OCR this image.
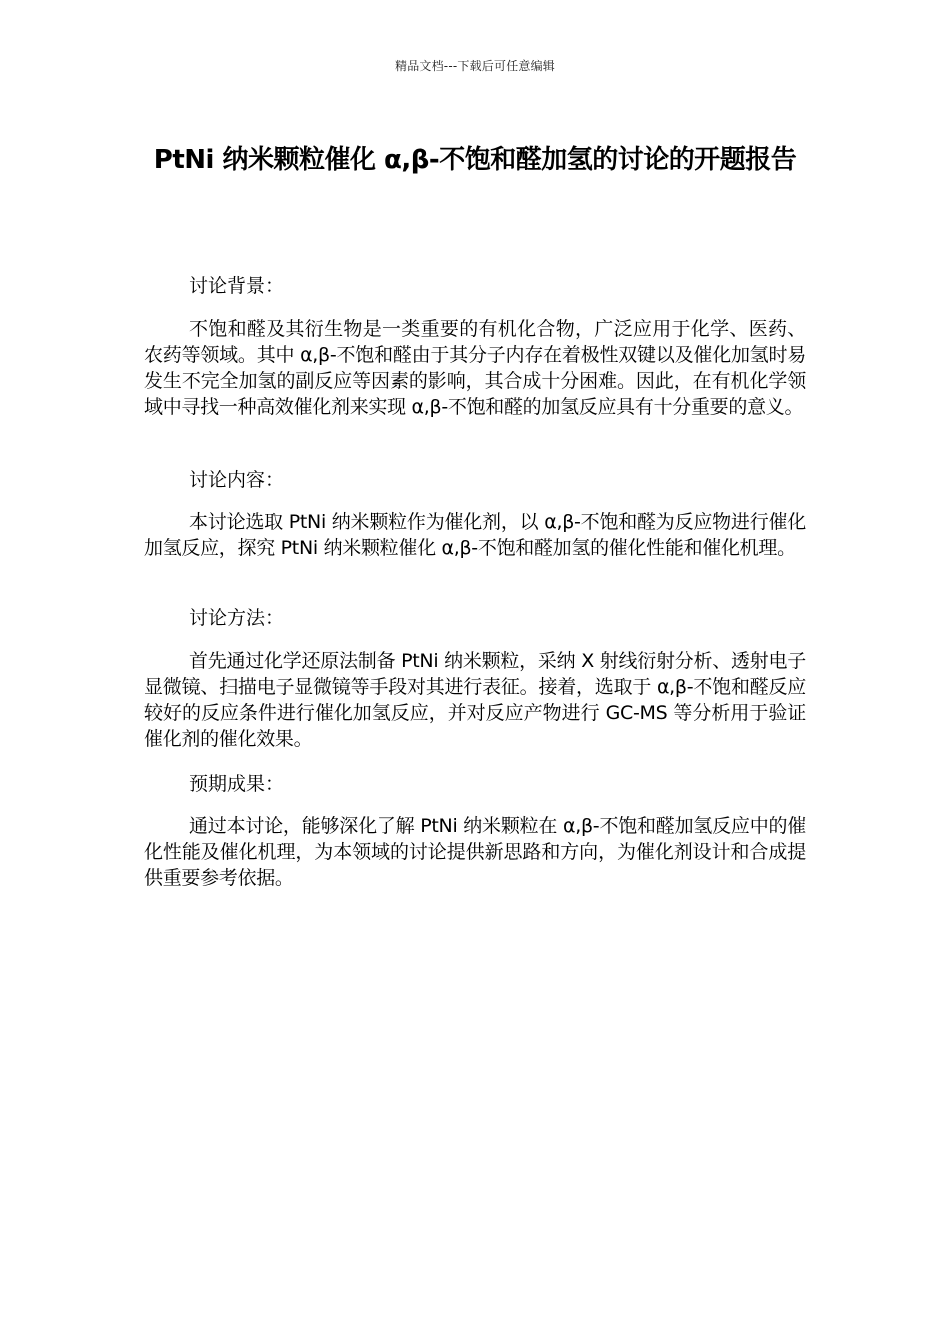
精品文档---下载后可任意编辑
PtNi 纳米颗粒催化 α,β-不饱和醛加氢的讨论的开题报告
讨论背景：

不饱和醛及其衍生物是一类重要的有机化合物，广泛应用于化学、医药、农药等领域。其中 α,β-不饱和醛由于其分子内存在着极性双键以及催化加氢时易发生不完全加氢的副反应等因素的影响，其合成十分困难。因此，在有机化学领域中寻找一种高效催化剂来实现 α,β-不饱和醛的加氢反应具有十分重要的意义。

讨论内容：

本讨论选取 PtNi 纳米颗粒作为催化剂，以 α,β-不饱和醛为反应物进行催化加氢反应，探究 PtNi 纳米颗粒催化 α,β-不饱和醛加氢的催化性能和催化机理。

讨论方法：

首先通过化学还原法制备 PtNi 纳米颗粒，采纳 X 射线衍射分析、透射电子显微镜、扫描电子显微镜等手段对其进行表征。接着，选取于 α,β-不饱和醛反应较好的反应条件进行催化加氢反应，并对反应产物进行 GC-MS 等分析用于验证催化剂的催化效果。

预期成果：

通过本讨论，能够深化了解 PtNi 纳米颗粒在 α,β-不饱和醛加氢反应中的催化性能及催化机理，为本领域的讨论提供新思路和方向，为催化剂设计和合成提供重要参考依据。
